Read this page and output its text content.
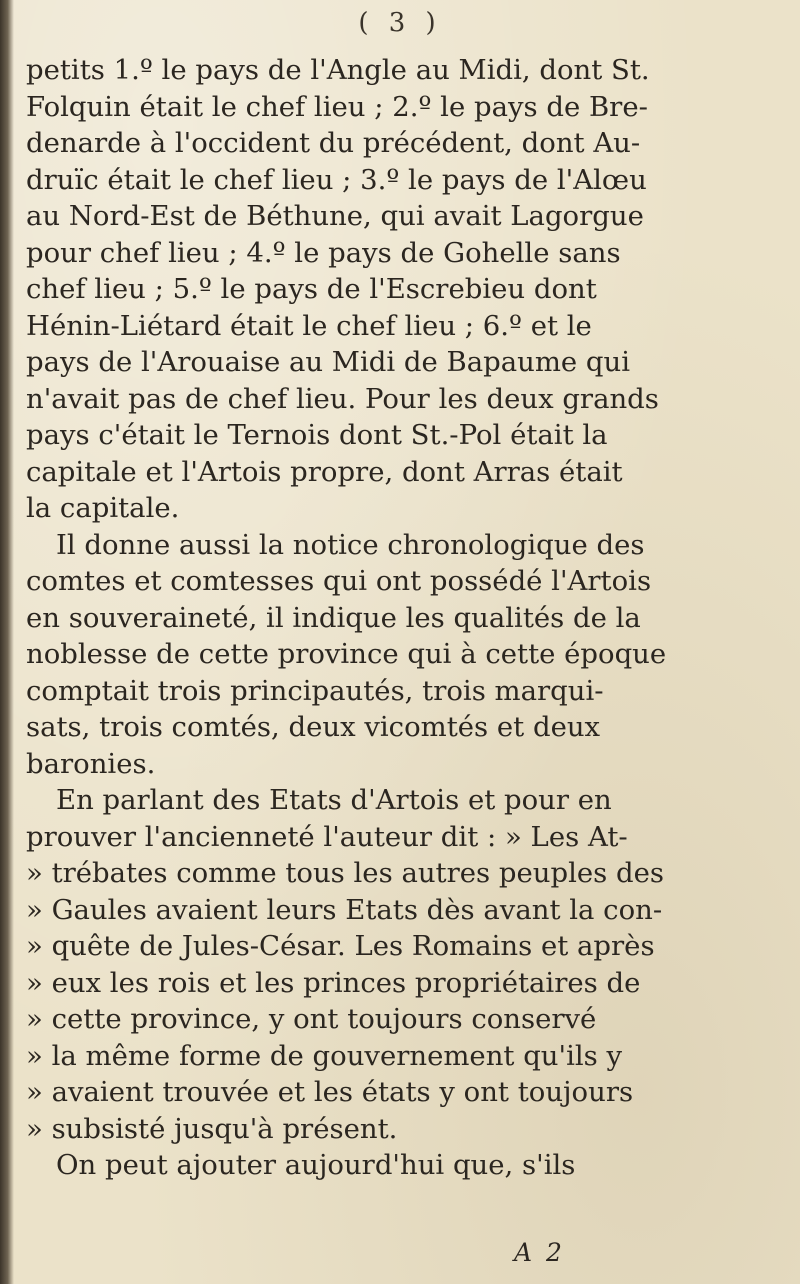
( 3 )
petits 1.º le pays de l'Angle au Midi, dont St.
Folquin était le chef lieu ; 2.º le pays de Bre-
denarde à l'occident du précédent, dont Au-
druïc était le chef lieu ; 3.º le pays de l'Alœu
au Nord-Est de Béthune, qui avait Lagorgue
pour chef lieu ; 4.º le pays de Gohelle sans
chef lieu ; 5.º le pays de l'Escrebieu dont
Hénin-Liétard était le chef lieu ; 6.º et le
pays de l'Arouaise au Midi de Bapaume qui
n'avait pas de chef lieu. Pour les deux grands
pays c'était le Ternois dont St.-Pol était la
capitale et l'Artois propre, dont Arras était
la capitale.
Il donne aussi la notice chronologique des
comtes et comtesses qui ont possédé l'Artois
en souveraineté, il indique les qualités de la
noblesse de cette province qui à cette époque
comptait trois principautés, trois marqui-
sats, trois comtés, deux vicomtés et deux
baronies.
En parlant des Etats d'Artois et pour en
prouver l'ancienneté l'auteur dit : » Les At-
» trébates comme tous les autres peuples des
» Gaules avaient leurs Etats dès avant la con-
» quête de Jules-César. Les Romains et après
» eux les rois et les princes propriétaires de
» cette province, y ont toujours conservé
» la même forme de gouvernement qu'ils y
» avaient trouvée et les états y ont toujours
» subsisté jusqu'à présent.
On peut ajouter aujourd'hui que, s'ils
A 2
